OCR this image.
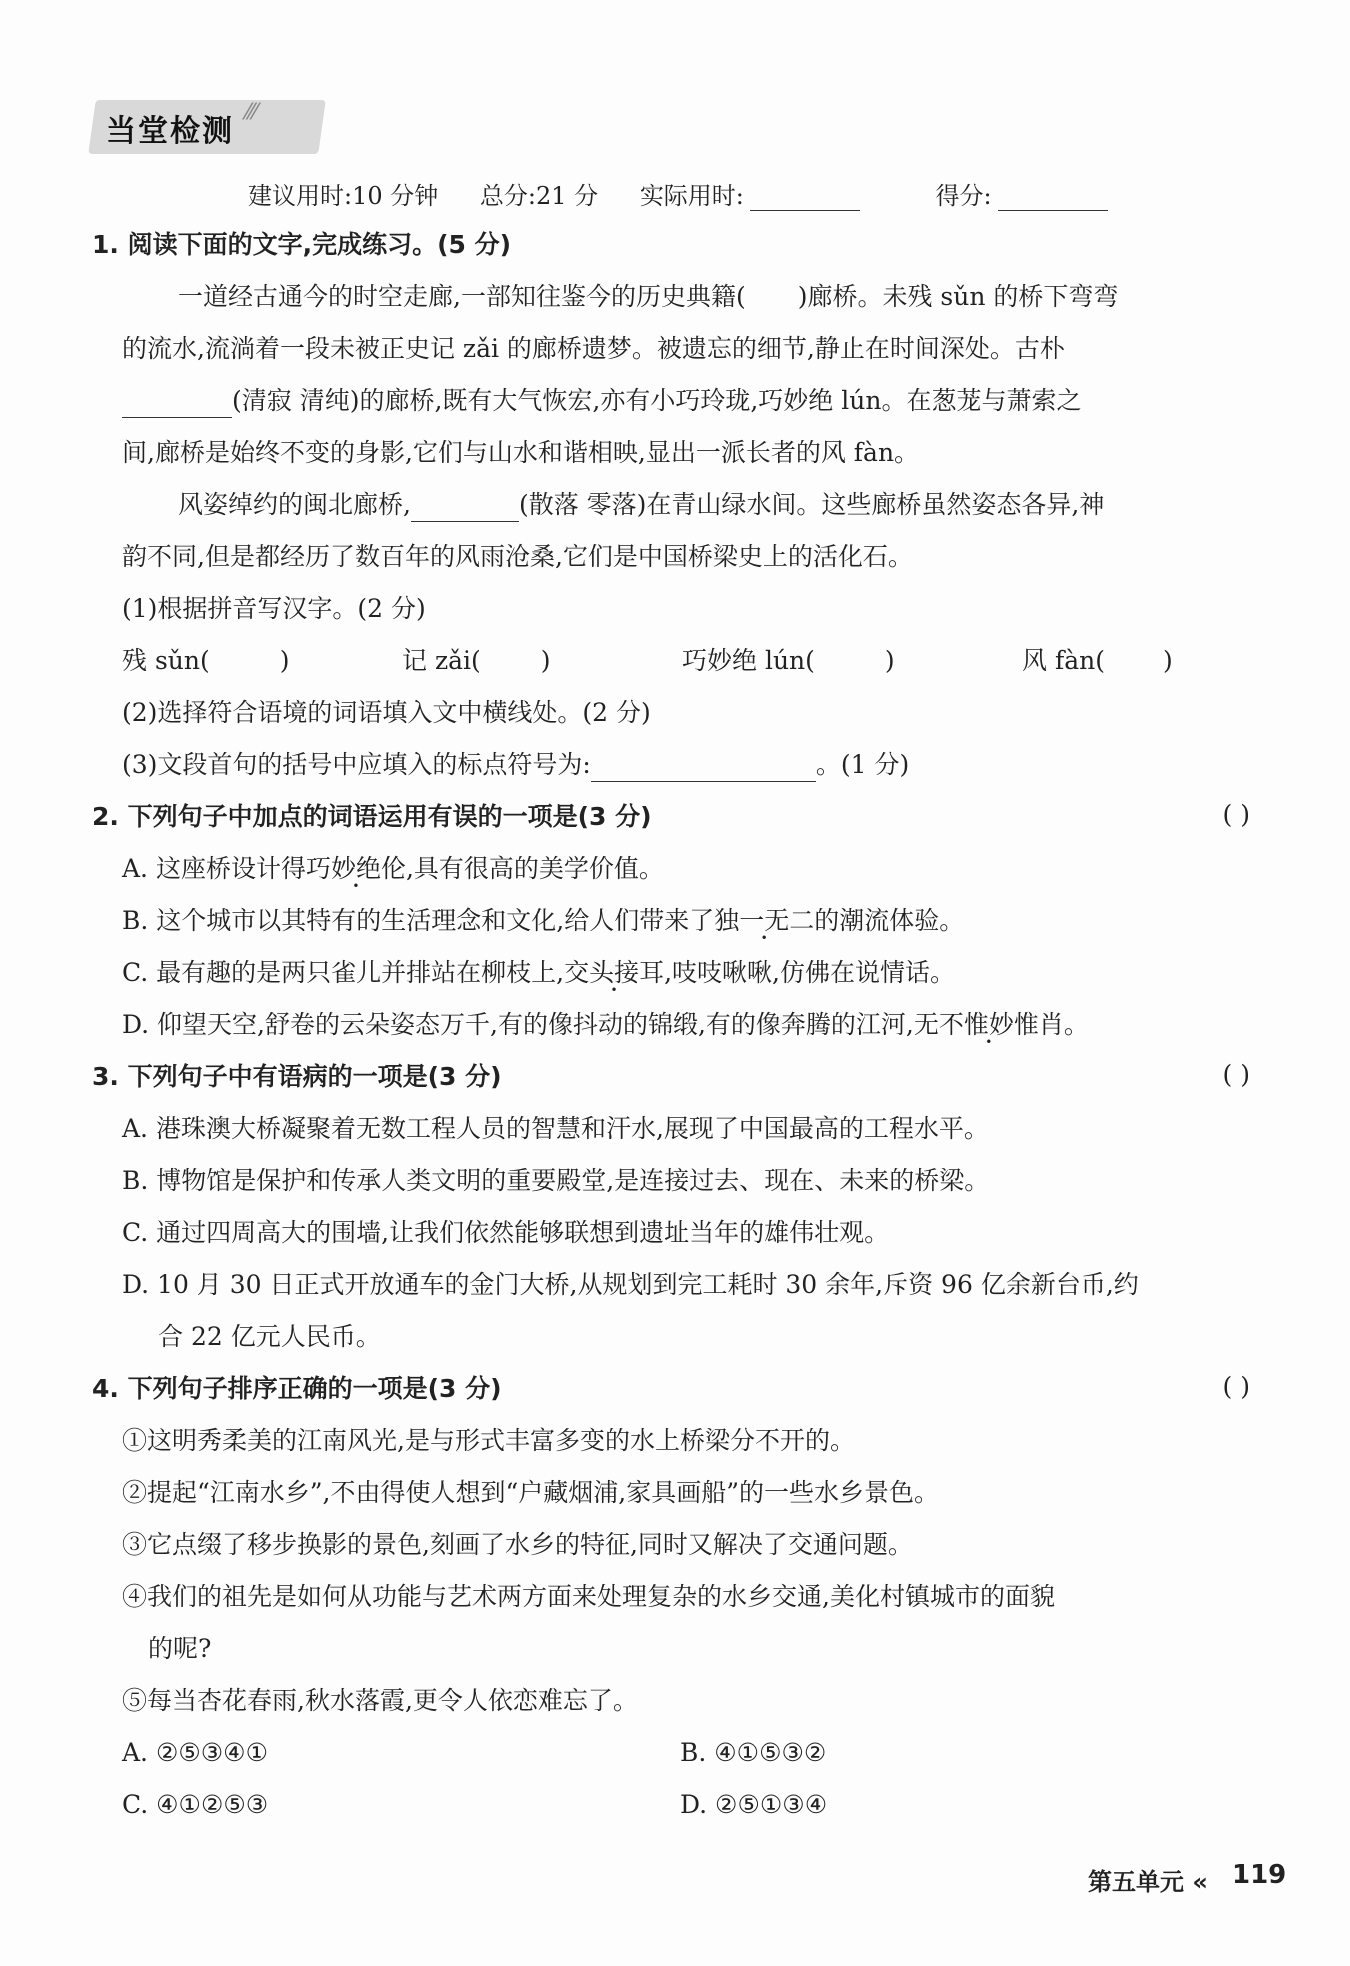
当堂检测
⁄⁄⁄
建议用时:10 分钟 总分:21 分 实际用时:	得分:
1. 阅读下面的文字,完成练习。(5 分)
一道经古通今的时空走廊,一部知往鉴今的历史典籍( )廊桥。未残 sǔn 的桥下弯弯
的流水,流淌着一段未被正史记 zǎi 的廊桥遗梦。被遗忘的细节,静止在时间深处。古朴
(清寂 清纯)的廊桥,既有大气恢宏,亦有小巧玲珑,巧妙绝 lún。在葱茏与萧索之
间,廊桥是始终不变的身影,它们与山水和谐相映,显出一派长者的风 fàn。
风姿绰约的闽北廊桥,	(散落 零落)在青山绿水间。这些廊桥虽然姿态各异,神
韵不同,但是都经历了数百年的风雨沧桑,它们是中国桥梁史上的活化石。
(1)根据拼音写汉字。(2 分)
残 sǔn(	)	记 zǎi( )	巧妙绝 lún(	)	风 fàn( )
(2)选择符合语境的词语填入文中横线处。(2 分)
(3)文段首句的括号中应填入的标点符号为:	。(1 分)
2. 下列句子中加点的词语运用有误的一项是(3 分)	( )
A. 这座桥设计得巧妙绝伦,具有很高的美学价值。
B. 这个城市以其特有的生活理念和文化,给人们带来了独一无二的潮流体验。
C. 最有趣的是两只雀儿并排站在柳枝上,交头接耳,吱吱啾啾,仿佛在说情话。
D. 仰望天空,舒卷的云朵姿态万千,有的像抖动的锦缎,有的像奔腾的江河,无不惟妙惟肖 •。
3. 下列句子中有语病的一项是(3 分)	( )
A. 港珠澳大桥凝聚着无数工程人员的智慧和汗水,展现了中国最高的工程水平。
B. 博物馆是保护和传承人类文明的重要殿堂,是连接过去、现在、未来的桥梁。
C. 通过四周高大的围墙,让我们依然能够联想到遗址当年的雄伟壮观。
D. 10 月 30 日正式开放通车的金门大桥,从规划到完工耗时 30 余年,斥资 96 亿余新台币,约
合 22 亿元人民币。
4. 下列句子排序正确的一项是(3 分)	( )
①这明秀柔美的江南风光,是与形式丰富多变的水上桥梁分不开的。
②提起“江南水乡”,不由得使人想到“户藏烟浦,家具画船”的一些水乡景色。
③它点缀了移步换影的景色,刻画了水乡的特征,同时又解决了交通问题。
④我们的祖先是如何从功能与艺术两方面来处理复杂的水乡交通,美化村镇城市的面貌
的呢?
⑤每当杏花春雨,秋水落霞,更令人依恋难忘了。
A. ②⑤③④①	B. ④①⑤③②
C. ④①②⑤③	D. ②⑤①③④
第五单元 « 119
